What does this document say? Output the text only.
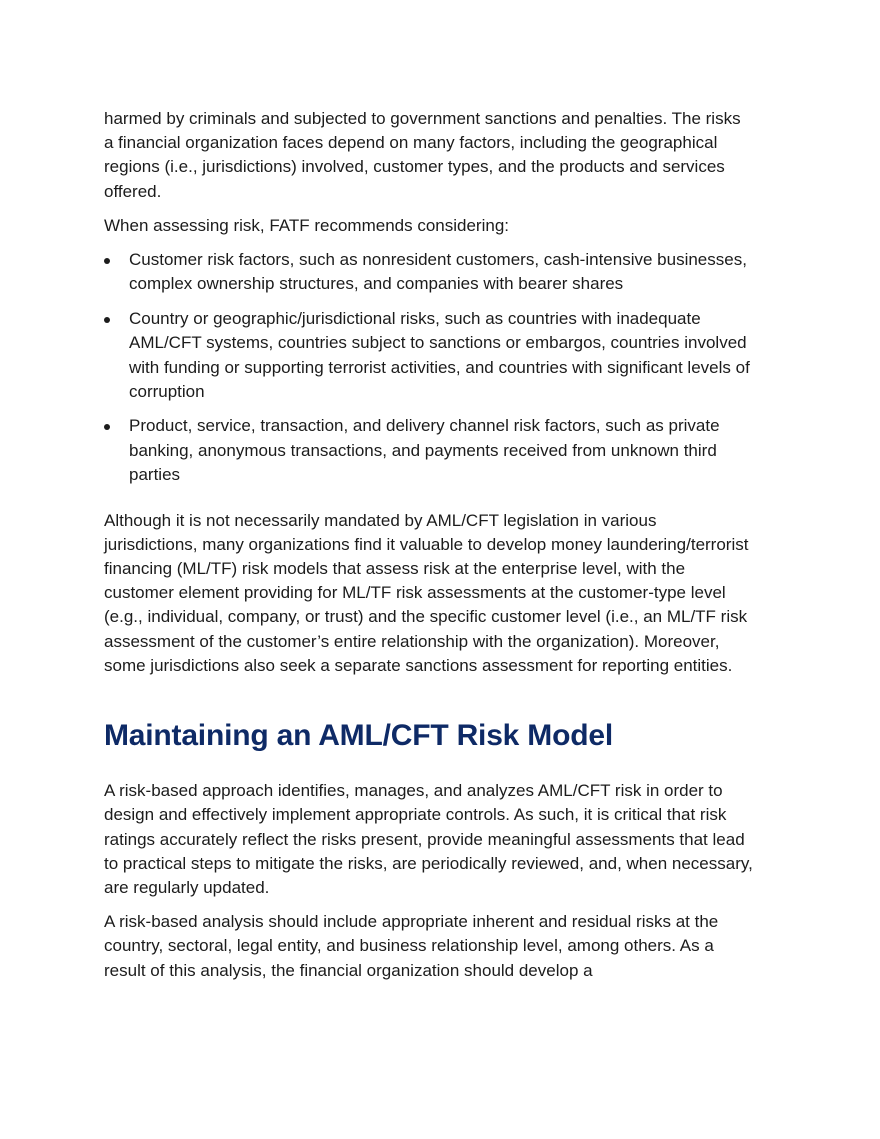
harmed by criminals and subjected to government sanctions and penalties. The risks a financial organization faces depend on many factors, including the geographical regions (i.e., jurisdictions) involved, customer types, and the products and services offered.

When assessing risk, FATF recommends considering:

Customer risk factors, such as nonresident customers, cash-intensive businesses, complex ownership structures, and companies with bearer shares
Country or geographic/jurisdictional risks, such as countries with inadequate AML/CFT systems, countries subject to sanctions or embargos, countries involved with funding or supporting terrorist activities, and countries with significant levels of corruption
Product, service, transaction, and delivery channel risk factors, such as private banking, anonymous transactions, and payments received from unknown third parties

Although it is not necessarily mandated by AML/CFT legislation in various jurisdictions, many organizations find it valuable to develop money laundering/terrorist financing (ML/TF) risk models that assess risk at the enterprise level, with the customer element providing for ML/TF risk assessments at the customer-type level (e.g., individual, company, or trust) and the specific customer level (i.e., an ML/TF risk assessment of the customer’s entire relationship with the organization). Moreover, some jurisdictions also seek a separate sanctions assessment for reporting entities.

Maintaining an AML/CFT Risk Model

A risk-based approach identifies, manages, and analyzes AML/CFT risk in order to design and effectively implement appropriate controls. As such, it is critical that risk ratings accurately reflect the risks present, provide meaningful assessments that lead to practical steps to mitigate the risks, are periodically reviewed, and, when necessary, are regularly updated.

A risk-based analysis should include appropriate inherent and residual risks at the country, sectoral, legal entity, and business relationship level, among others. As a result of this analysis, the financial organization should develop a
